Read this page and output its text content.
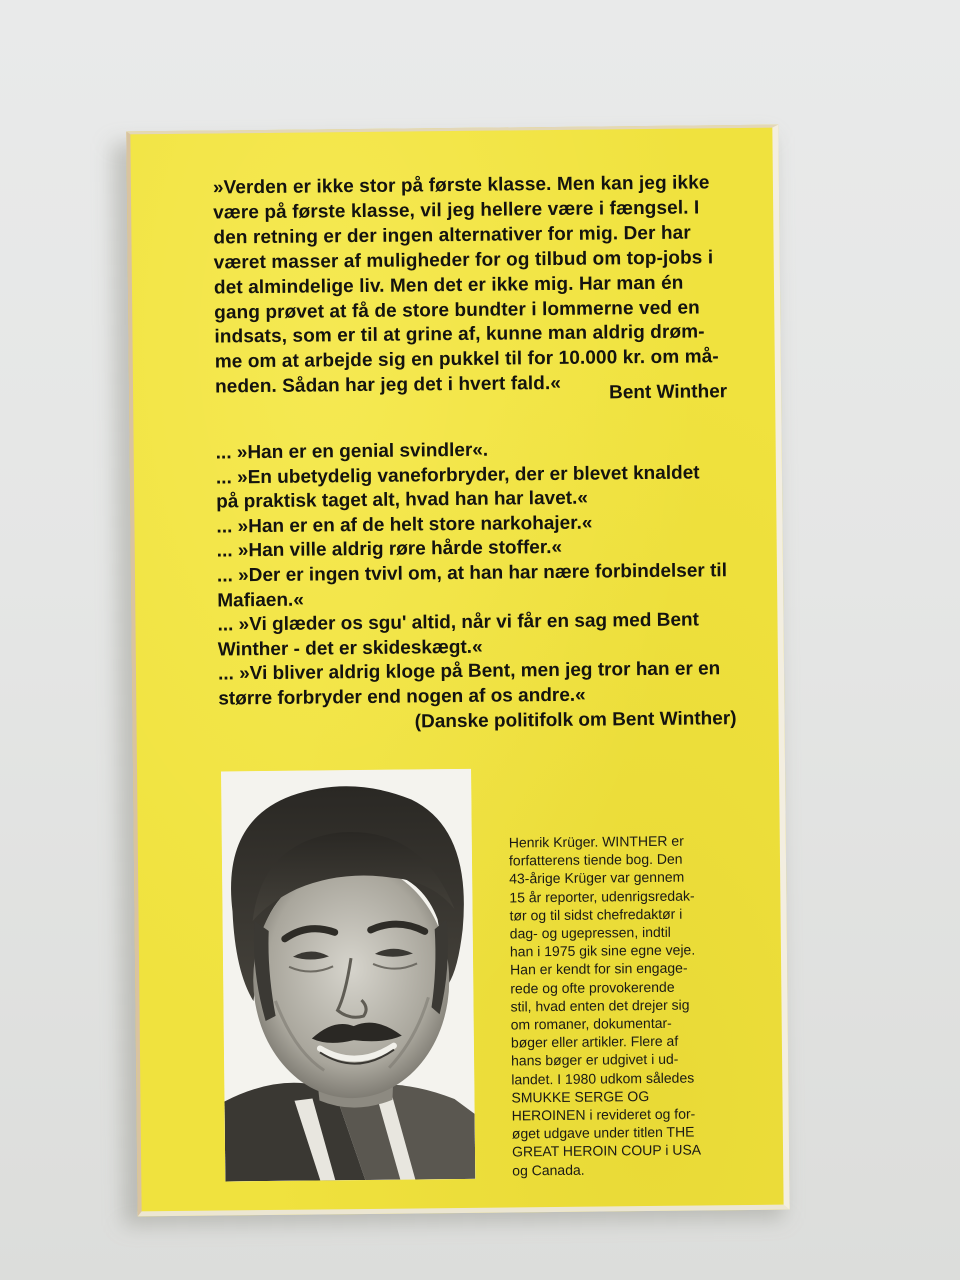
»Verden er ikke stor på første klasse. Men kan jeg ikke

være på første klasse, vil jeg hellere være i fængsel. I

den retning er der ingen alternativer for mig. Der har

været masser af muligheder for og tilbud om top-jobs i

det almindelige liv. Men det er ikke mig. Har man én

gang prøvet at få de store bundter i lommerne ved en

indsats, som er til at grine af, kunne man aldrig drøm-

me om at arbejde sig en pukkel til for 10.000 kr. om må-

neden. Sådan har jeg det i hvert fald.«	Bent Winther

... »Han er en genial svindler«.

... »En ubetydelig vaneforbryder, der er blevet knaldet

på praktisk taget alt, hvad han har lavet.«

... »Han er en af de helt store narkohajer.«

... »Han ville aldrig røre hårde stoffer.«

... »Der er ingen tvivl om, at han har nære forbindelser til

Mafiaen.«

... »Vi glæder os sgu' altid, når vi får en sag med Bent

Winther - det er skideskægt.«

... »Vi bliver aldrig kloge på Bent, men jeg tror han er en

større forbryder end nogen af os andre.«

(Danske politifolk om Bent Winther)
Henrik Krüger. WINTHER er
forfatterens tiende bog. Den
43-årige Krüger var gennem
15 år reporter, udenrigsredak-
tør og til sidst chefredaktør i
dag- og ugepressen, indtil
han i 1975 gik sine egne veje.
Han er kendt for sin engage-
rede og ofte provokerende
stil, hvad enten det drejer sig
om romaner, dokumentar-
bøger eller artikler. Flere af
hans bøger er udgivet i ud-
landet. I 1980 udkom således
SMUKKE SERGE OG
HEROINEN i revideret og for-
øget udgave under titlen THE
GREAT HEROIN COUP i USA
og Canada.
